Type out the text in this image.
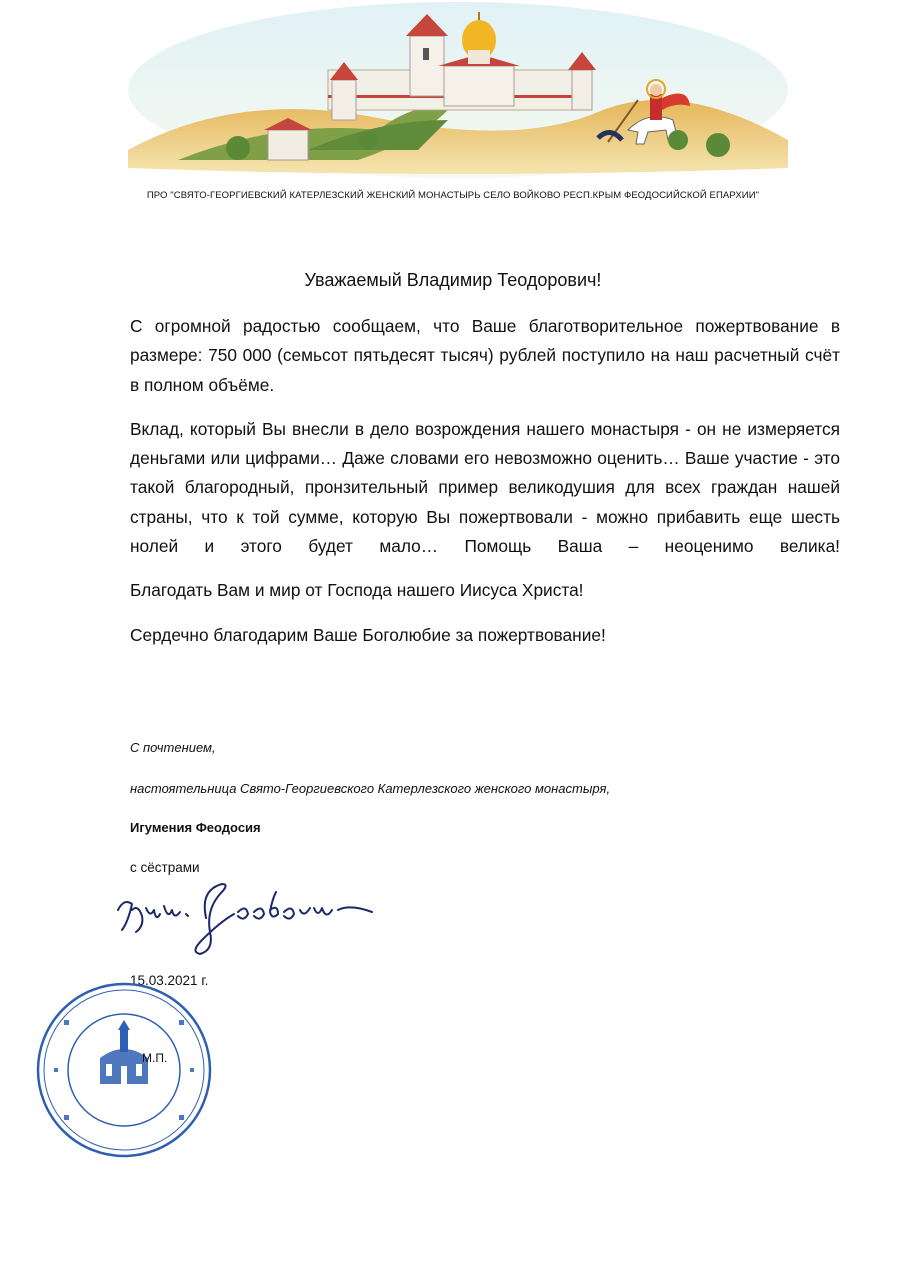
ПРО "СВЯТО-ГЕОРГИЕВСКИЙ КАТЕРЛЕЗСКИЙ ЖЕНСКИЙ МОНАСТЫРЬ СЕЛО ВОЙКОВО РЕСП.КРЫМ ФЕОДОСИЙСКОЙ ЕПАРХИИ"
Уважаемый Владимир Теодорович!

С огромной радостью сообщаем, что Ваше благотворительное пожертвование в размере: 750 000 (семьсот пятьдесят тысяч) рублей поступило на наш расчетный счёт в полном объёме.

Вклад, который Вы внесли в дело возрождения нашего монастыря - он не измеряется деньгами или цифрами… Даже словами его невозможно оценить… Ваше участие - это такой благородный, пронзительный пример великодушия для всех граждан нашей страны, что к той сумме, которую Вы пожертвовали - можно прибавить еще шесть нолей и этого будет мало… Помощь Ваша – неоценимо велика!

Благодать Вам и мир от Господа нашего Иисуса Христа!

Сердечно благодарим Ваше Боголюбие за пожертвование!

С почтением,
настоятельница Свято-Георгиевского Катерлезского женского монастыря,
Игумения Феодосия
с сёстрами
15.03.2021 г.
М.П.
